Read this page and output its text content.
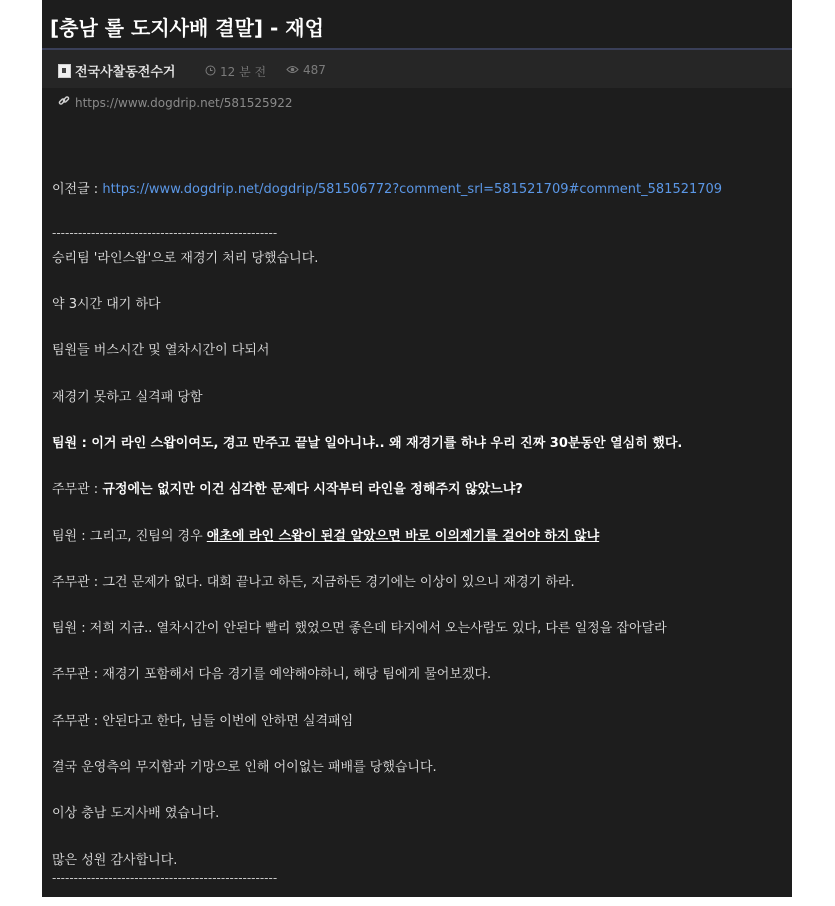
[충남 롤 도지사배 결말] - 재업
전국사찰동전수거	12 분 전	487
https://www.dogdrip.net/581525922
이전글 : https://www.dogdrip.net/dogdrip/581506772?comment_srl=581521709#comment_581521709
----------------------------------------------------
승리팀 '라인스왑'으로 재경기 처리 당했습니다.
약 3시간 대기 하다
팀원들 버스시간 및 열차시간이 다되서
재경기 못하고 실격패 당함
팀원 : 이거 라인 스왑이여도, 경고 만주고 끝날 일아니냐.. 왜 재경기를 하냐 우리 진짜 30분동안 열심히 했다.
주무관 : 규정에는 없지만 이건 심각한 문제다 시작부터 라인을 정해주지 않았느냐?
팀원 : 그리고, 진팀의 경우 애초에 라인 스왑이 된걸 알았으면 바로 이의제기를 걸어야 하지 않냐
주무관 : 그건 문제가 없다. 대회 끝나고 하든, 지금하든 경기에는 이상이 있으니 재경기 하라.
팀원 : 저희 지금.. 열차시간이 안된다 빨리 했었으면 좋은데 타지에서 오는사람도 있다, 다른 일정을 잡아달라
주무관 : 재경기 포함해서 다음 경기를 예약해야하니, 해당 팀에게 물어보겠다.
주무관 : 안된다고 한다, 님들 이번에 안하면 실격패임
결국 운영측의 무지함과 기망으로 인해 어이없는 패배를 당했습니다.
이상 충남 도지사배 였습니다.
많은 성원 감사합니다.
----------------------------------------------------
